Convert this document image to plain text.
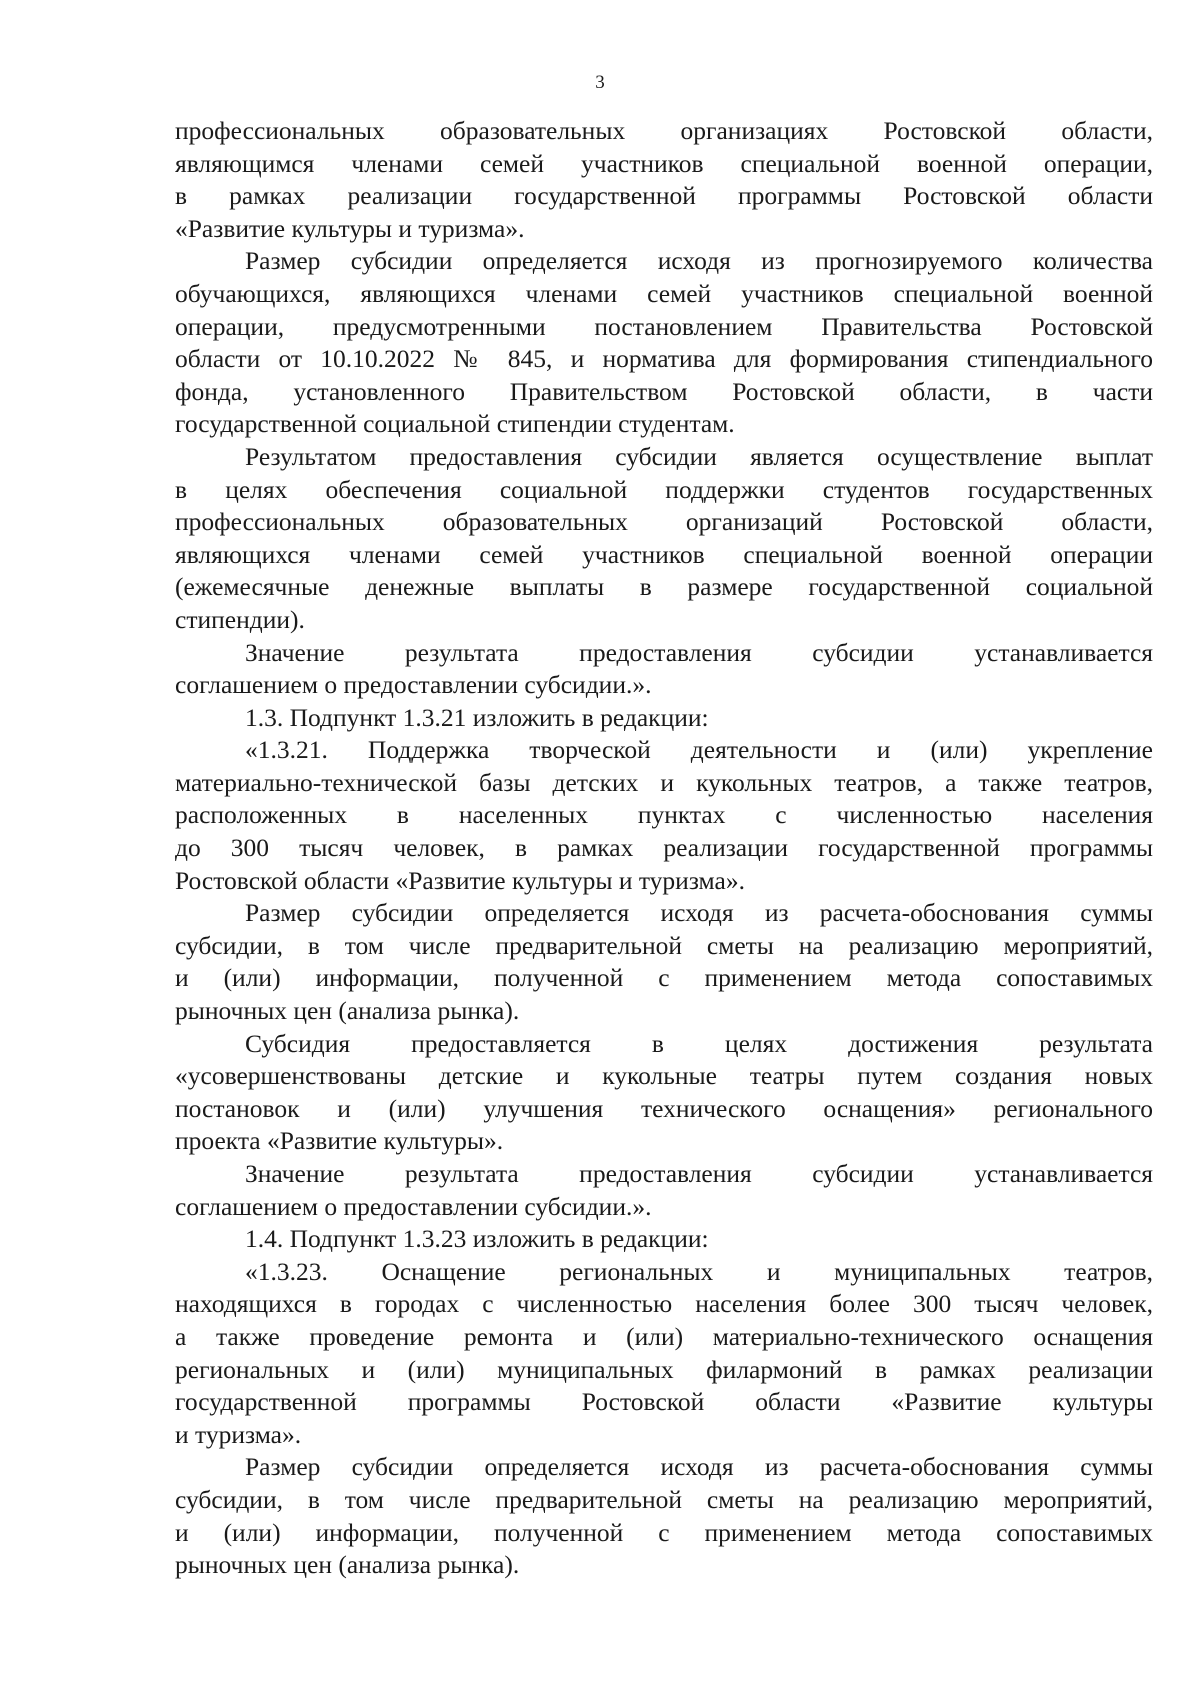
3

профессиональных образовательных организациях Ростовской области,
являющимся членами семей участников специальной военной операции,
в рамках реализации государственной программы Ростовской области
«Развитие культуры и туризма».

Размер субсидии определяется исходя из прогнозируемого количества
обучающихся, являющихся членами семей участников специальной военной
операции, предусмотренными постановлением Правительства Ростовской
области от 10.10.2022 № 845, и норматива для формирования стипендиального
фонда, установленного Правительством Ростовской области, в части
государственной социальной стипендии студентам.

Результатом предоставления субсидии является осуществление выплат
в целях обеспечения социальной поддержки студентов государственных
профессиональных образовательных организаций Ростовской области,
являющихся членами семей участников специальной военной операции
(ежемесячные денежные выплаты в размере государственной социальной
стипендии).

Значение результата предоставления субсидии устанавливается
соглашением о предоставлении субсидии.».

1.3. Подпункт 1.3.21 изложить в редакции:

«1.3.21. Поддержка творческой деятельности и (или) укрепление
материально-технической базы детских и кукольных театров, а также театров,
расположенных в населенных пунктах с численностью населения
до 300 тысяч человек, в рамках реализации государственной программы
Ростовской области «Развитие культуры и туризма».

Размер субсидии определяется исходя из расчета-обоснования суммы
субсидии, в том числе предварительной сметы на реализацию мероприятий,
и (или) информации, полученной с применением метода сопоставимых
рыночных цен (анализа рынка).

Субсидия предоставляется в целях достижения результата
«усовершенствованы детские и кукольные театры путем создания новых
постановок и (или) улучшения технического оснащения» регионального
проекта «Развитие культуры».

Значение результата предоставления субсидии устанавливается
соглашением о предоставлении субсидии.».

1.4. Подпункт 1.3.23 изложить в редакции:

«1.3.23. Оснащение региональных и муниципальных театров,
находящихся в городах с численностью населения более 300 тысяч человек,
а также проведение ремонта и (или) материально-технического оснащения
региональных и (или) муниципальных филармоний в рамках реализации
государственной программы Ростовской области «Развитие культуры
и туризма».

Размер субсидии определяется исходя из расчета-обоснования суммы
субсидии, в том числе предварительной сметы на реализацию мероприятий,
и (или) информации, полученной с применением метода сопоставимых
рыночных цен (анализа рынка).
